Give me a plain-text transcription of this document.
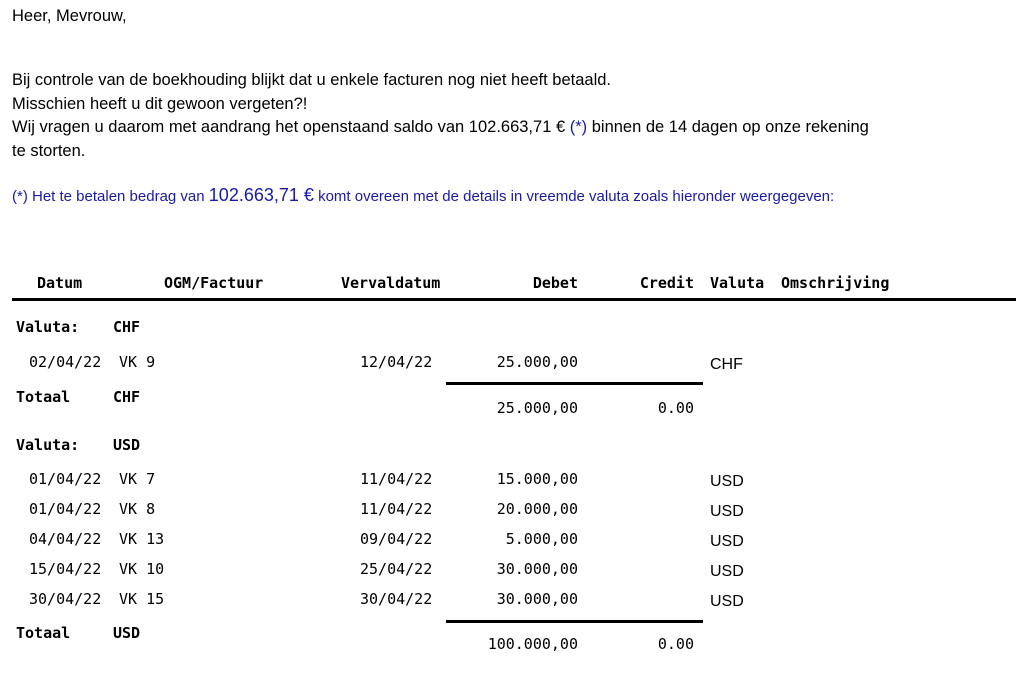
Heer, Mevrouw,
Bij controle van de boekhouding blijkt dat u enkele facturen nog niet heeft betaald.
Misschien heeft u dit gewoon vergeten?!
Wij vragen u daarom met aandrang het openstaand saldo van 102.663,71 € (*) binnen de 14 dagen op onze rekening
te storten.
(*) Het te betalen bedrag van 102.663,71 € komt overeen met de details in vreemde valuta zoals hieronder weergegeven:
Datum	OGM/Factuur	Vervaldatum	Debet	Credit Valuta Omschrijving
Valuta: CHF
02/04/22 VK 9	12/04/22	25.000,00	CHF
Totaal	CHF
25.000,00	0.00
Valuta: USD
01/04/22 VK 7	11/04/22	15.000,00	USD
01/04/22 VK 8	11/04/22	20.000,00	USD
04/04/22 VK 13	09/04/22	5.000,00	USD
15/04/22 VK 10	25/04/22	30.000,00	USD
30/04/22 VK 15	30/04/22	30.000,00	USD
Totaal	USD
100.000,00	0.00
